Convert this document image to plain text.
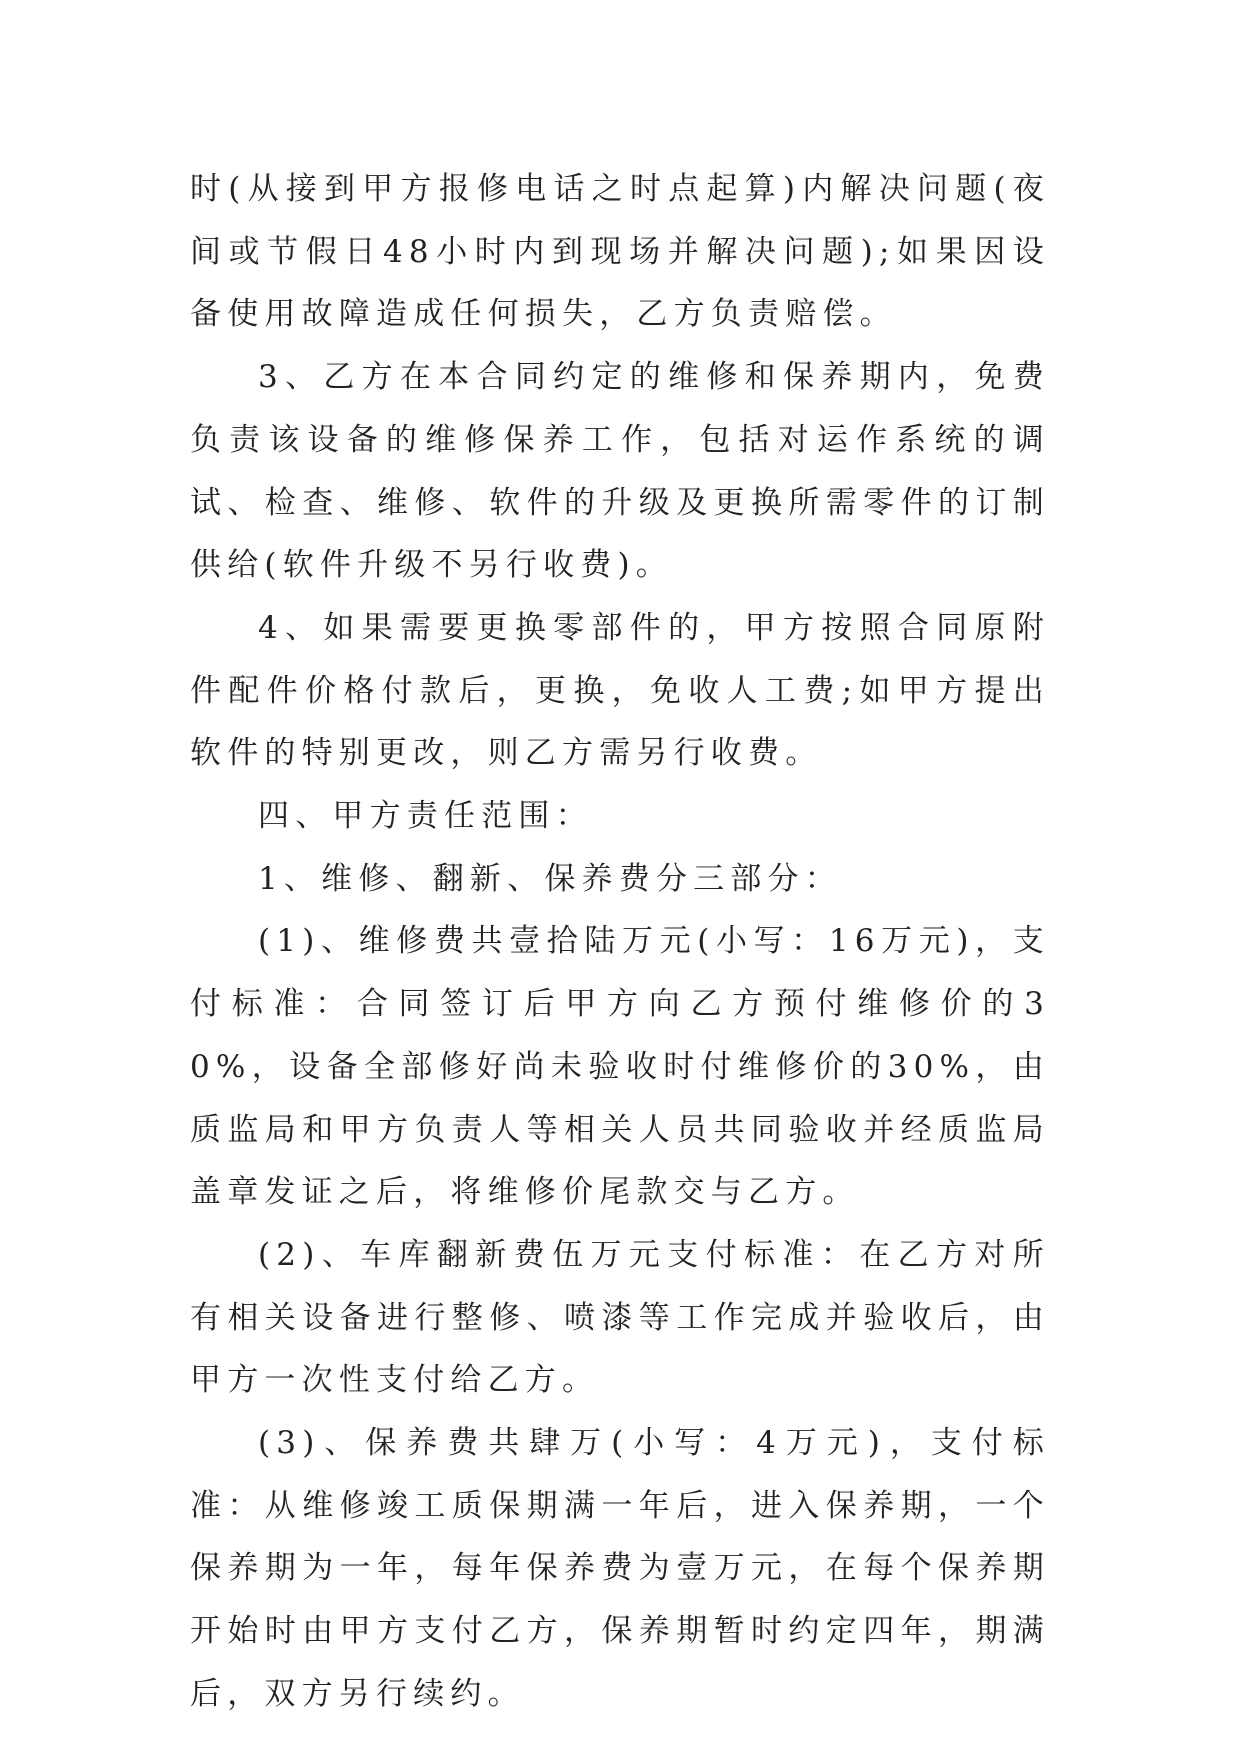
时(从接到甲方报修电话之时点起算)内解决问题(夜间或节假日48小时内到现场并解决问题);如果因设备使用故障造成任何损失，乙方负责赔偿。

3、乙方在本合同约定的维修和保养期内，免费负责该设备的维修保养工作，包括对运作系统的调试、检查、维修、软件的升级及更换所需零件的订制供给(软件升级不另行收费)。

4、如果需要更换零部件的，甲方按照合同原附件配件价格付款后，更换，免收人工费;如甲方提出软件的特别更改，则乙方需另行收费。

四、甲方责任范围：

1、维修、翻新、保养费分三部分：

(1)、维修费共壹拾陆万元(小写：16万元)，支付标准：合同签订后甲方向乙方预付维修价的30%，设备全部修好尚未验收时付维修价的30%，由质监局和甲方负责人等相关人员共同验收并经质监局盖章发证之后，将维修价尾款交与乙方。

(2)、车库翻新费伍万元支付标准：在乙方对所有相关设备进行整修、喷漆等工作完成并验收后，由甲方一次性支付给乙方。

(3)、保养费共肆万(小写：4万元)，支付标准：从维修竣工质保期满一年后，进入保养期，一个保养期为一年，每年保养费为壹万元，在每个保养期开始时由甲方支付乙方，保养期暂时约定四年，期满后，双方另行续约。
